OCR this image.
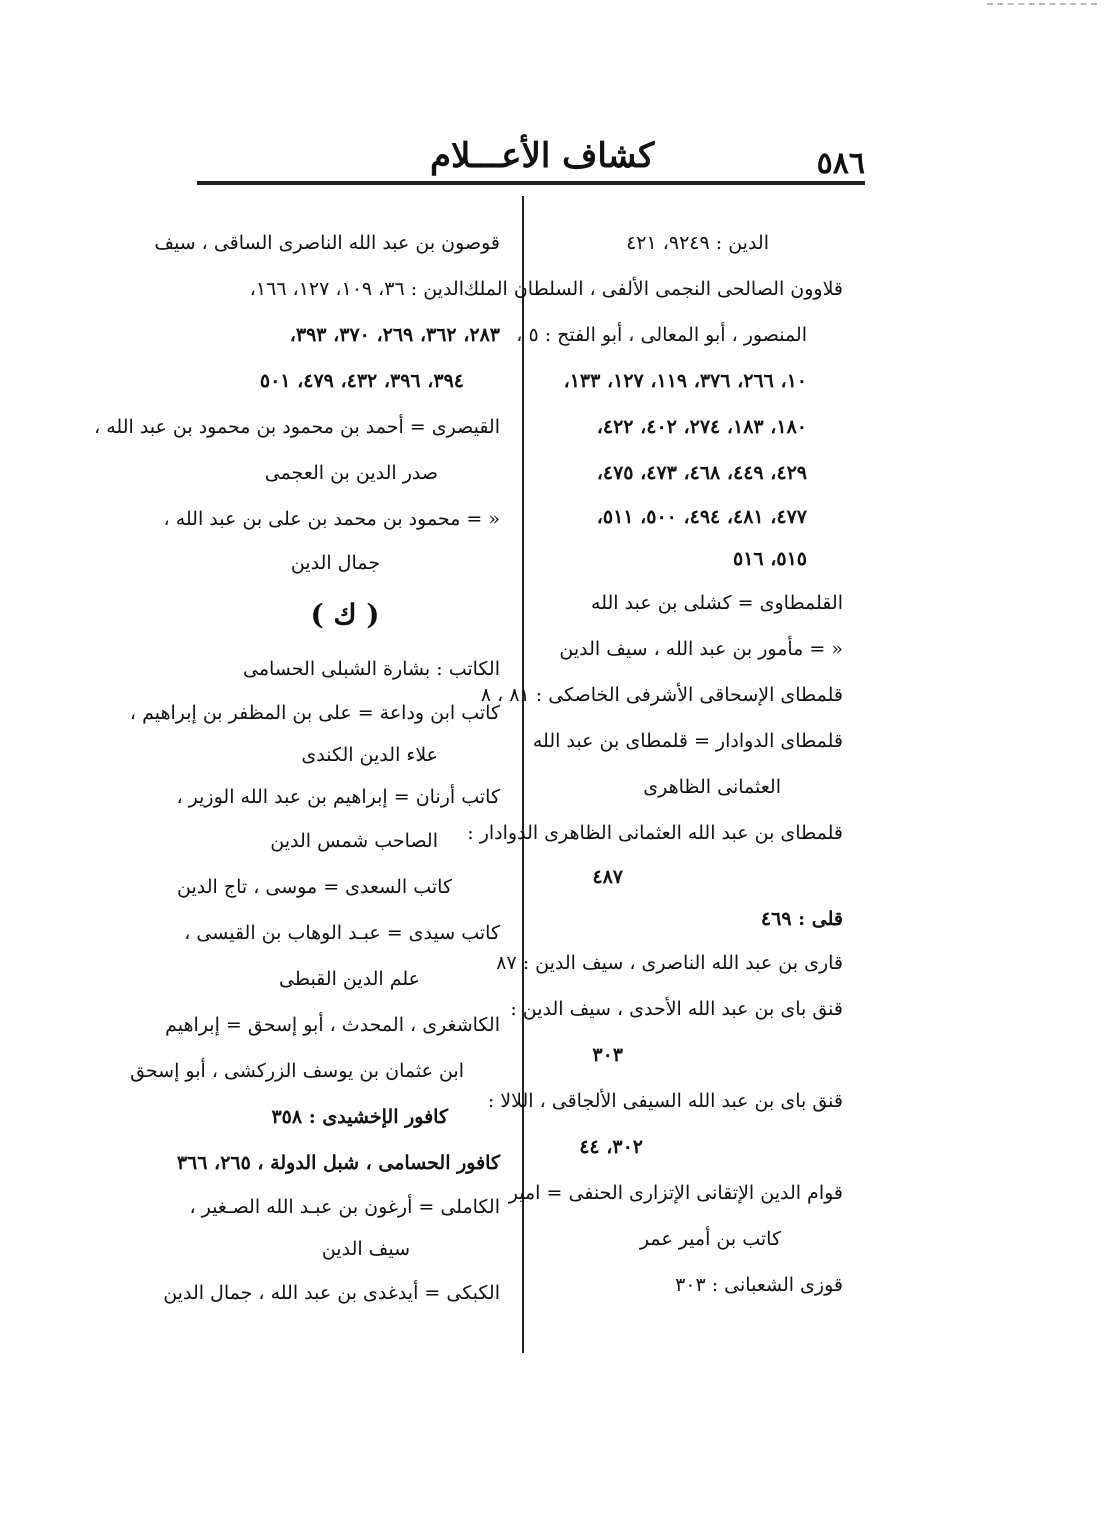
٥٨٦
كشاف الأعـــلام
الدين : ٩٢٤٩، ٤٢١
قلاوون الصالحى النجمى الألفى ، السلطان الملك
المنصور ، أبو المعالى ، أبو الفتح : ٥ ،
١٠، ٢٦٦، ٣٧٦، ١١٩، ١٢٧، ١٣٣،
١٨٠، ١٨٣، ٢٧٤، ٤٠٢، ٤٢٢،
٤٢٩، ٤٤٩، ٤٦٨، ٤٧٣، ٤٧٥،
٤٧٧، ٤٨١، ٤٩٤، ٥٠٠، ٥١١،
٥١٥، ٥١٦
القلمطاوى = كشلى بن عبد الله
« = مأمور بن عبد الله ، سيف الدين
قلمطاى الإسحاقى الأشرفى الخاصكى : ٨١ ، ٨
قلمطاى الدوادار = قلمطاى بن عبد الله
العثمانى الظاهرى
قلمطاى بن عبد الله العثمانى الظاهرى الدوادار :
٤٨٧
قلى : ٤٦٩
قارى بن عبد الله الناصرى ، سيف الدين : ٨٧
قنق باى بن عبد الله الأحدى ، سيف الدين :
٣٠٣
قنق باى بن عبد الله السيفى الألجاقى ، اللالا :
٣٠٢، ٤٤
قوام الدين الإتقانى الإتزارى الحنفى = امير
كاتب بن أمير عمر
قوزى الشعبانى : ٣٠٣
قوصون بن عبد الله الناصرى الساقى ، سيف
الدين : ٣٦، ١٠٩، ١٢٧، ١٦٦،
٢٨٣، ٣٦٢، ٢٦٩، ٣٧٠، ٣٩٣،
٣٩٤، ٣٩٦، ٤٣٢، ٤٧٩، ٥٠١
القيصرى = أحمد بن محمود بن محمود بن عبد الله ،
صدر الدين بن العجمى
« = محمود بن محمد بن على بن عبد الله ،
جمال الدين
( ك )
الكاتب : بشارة الشبلى الحسامى
كاتب ابن وداعة = على بن المظفر بن إبراهيم ،
علاء الدين الكندى
كاتب أرنان = إبراهيم بن عبد الله الوزير ،
الصاحب شمس الدين
كاتب السعدى = موسى ، تاج الدين
كاتب سيدى = عبـد الوهاب بن القيسى ،
علم الدين القبطى
الكاشغرى ، المحدث ، أبو إسحق = إبراهيم
ابن عثمان بن يوسف الزركشى ، أبو إسحق
كافور الإخشيدى : ٣٥٨
كافور الحسامى ، شبل الدولة ، ٢٦٥، ٣٦٦
الكاملى = أرغون بن عبـد الله الصـغير ،
سيف الدين
الكبكى = أيدغدى بن عبد الله ، جمال الدين
